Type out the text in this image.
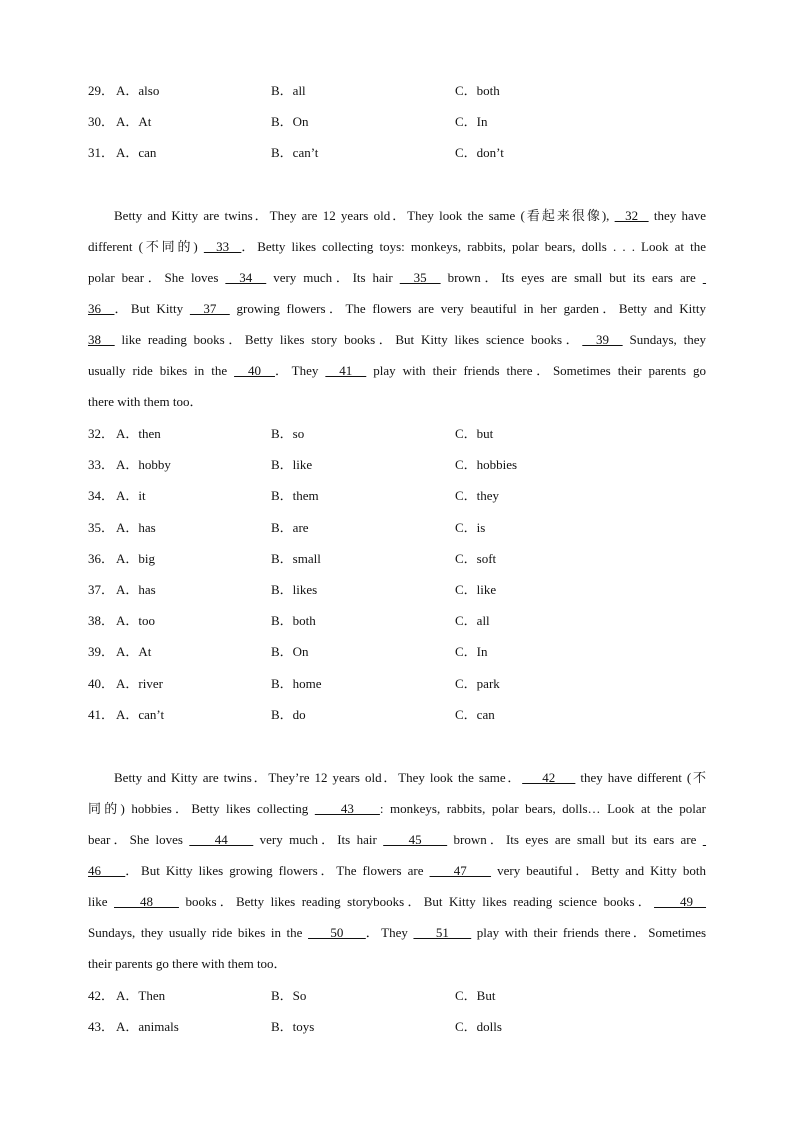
29． A．also	B．all	C．both
30． A．At	B．On	C．In
31． A．can	B．can’t	C．don’t
Betty and Kitty are twins．They are 12 years old．They look the same (看起来很像),   32   they have
different (不同的)   33  ．Betty likes collecting toys: monkeys, rabbits, polar bears, dolls . . . Look at the
polar bear．She loves   34   very much．Its hair   35   brown．Its eyes are small but its ears are
36  ．But Kitty   37   growing flowers．The flowers are very beautiful in her garden．Betty and Kitty
38   like reading books．Betty likes story books．But Kitty likes science books．  39   Sundays, they
usually ride bikes in the   40  ．They   41   play with their friends there．Sometimes their parents go
there with them too．
32． A．then	B．so	C．but
33． A．hobby	B．like	C．hobbies
34． A．it	B．them	C．they
35． A．has	B．are	C．is
36． A．big	B．small	C．soft
37． A．has	B．likes	C．like
38． A．too	B．both	C．all
39． A．At	B．On	C．In
40． A．river	B．home	C．park
41． A．can’t	B．do	C．can
Betty and Kitty are twins．They’re 12 years old．They look the same．    42     they have different (不
同的) hobbies．Betty likes collecting     43    : monkeys, rabbits, polar bears, dolls… Look at the polar
bear．She loves     44     very much．Its hair     45     brown．Its eyes are small but its ears are
46    ．But Kitty likes growing flowers．The flowers are     47     very beautiful．Betty and Kitty both
like     48     books．Betty likes reading storybooks．But Kitty likes reading science books．    49
Sundays, they usually ride bikes in the     50    ．They     51     play with their friends there．Sometimes
their parents go there with them too．
42． A．Then	B．So	C．But
43． A．animals	B．toys	C．dolls
